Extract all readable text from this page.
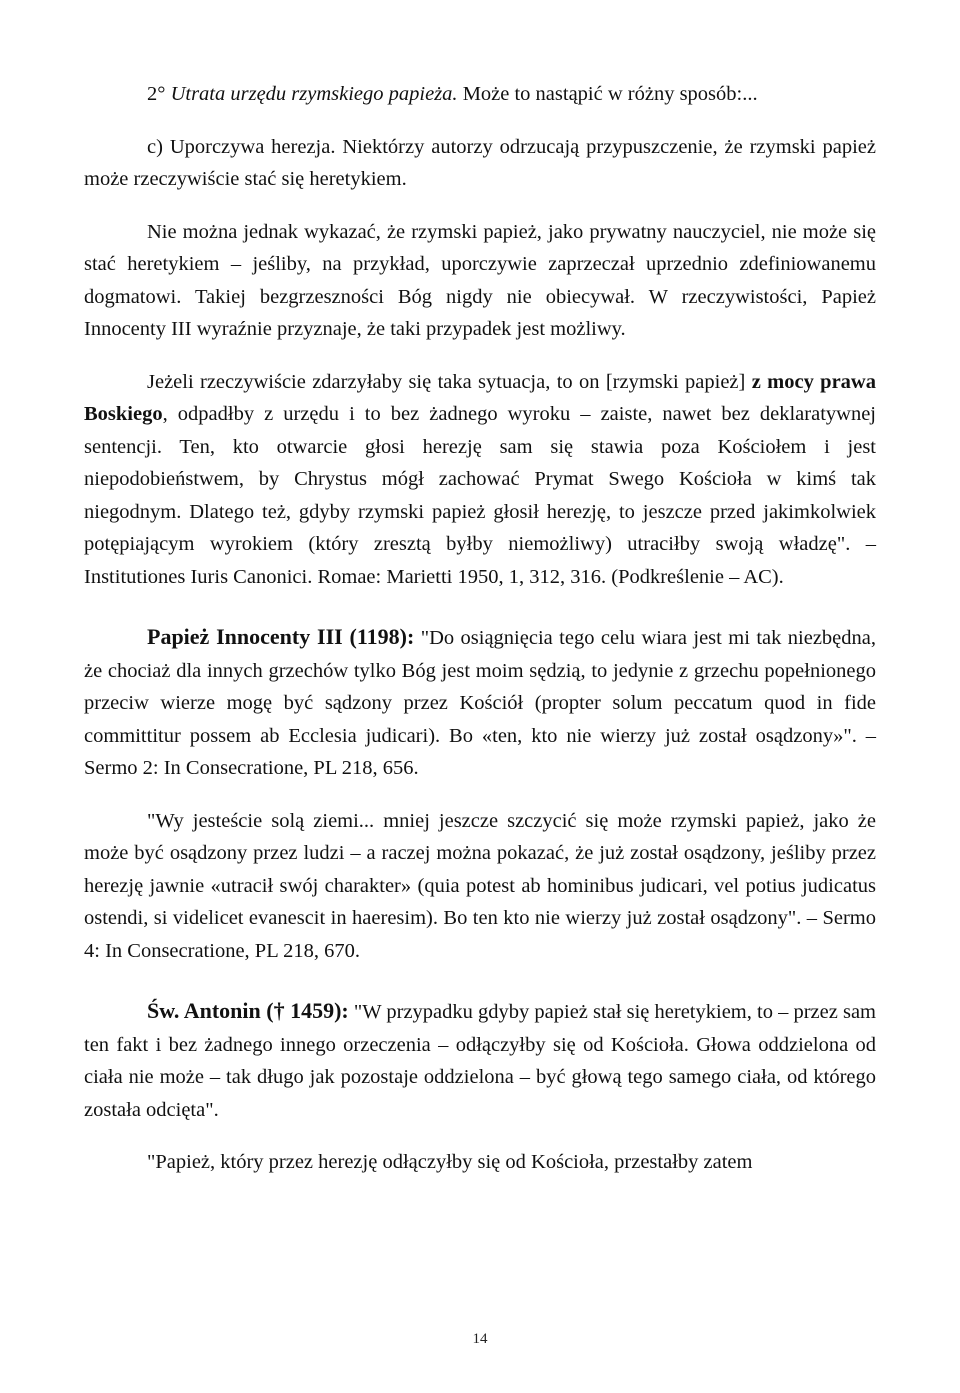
2° Utrata urzędu rzymskiego papieża. Może to nastąpić w różny sposób:...

c) Uporczywa herezja. Niektórzy autorzy odrzucają przypuszczenie, że rzymski papież może rzeczywiście stać się heretykiem.

Nie można jednak wykazać, że rzymski papież, jako prywatny nauczyciel, nie może się stać heretykiem – jeśliby, na przykład, uporczywie zaprzeczał uprzednio zdefiniowanemu dogmatowi. Takiej bezgrzeszności Bóg nigdy nie obiecywał. W rzeczywistości, Papież Innocenty III wyraźnie przyznaje, że taki przypadek jest możliwy.

Jeżeli rzeczywiście zdarzyłaby się taka sytuacja, to on [rzymski papież] z mocy prawa Boskiego, odpadłby z urzędu i to bez żadnego wyroku – zaiste, nawet bez deklaratywnej sentencji. Ten, kto otwarcie głosi herezję sam się stawia poza Kościołem i jest niepodobieństwem, by Chrystus mógł zachować Prymat Swego Kościoła w kimś tak niegodnym. Dlatego też, gdyby rzymski papież głosił herezję, to jeszcze przed jakimkolwiek potępiającym wyrokiem (który zresztą byłby niemożliwy) utraciłby swoją władzę". – Institutiones Iuris Canonici. Romae: Marietti 1950, 1, 312, 316. (Podkreślenie – AC).

Papież Innocenty III (1198): "Do osiągnięcia tego celu wiara jest mi tak niezbędna, że chociaż dla innych grzechów tylko Bóg jest moim sędzią, to jedynie z grzechu popełnionego przeciw wierze mogę być sądzony przez Kościół (propter solum peccatum quod in fide committitur possem ab Ecclesia judicari). Bo «ten, kto nie wierzy już został osądzony»". – Sermo 2: In Consecratione, PL 218, 656.

"Wy jesteście solą ziemi... mniej jeszcze szczycić się może rzymski papież, jako że może być osądzony przez ludzi – a raczej można pokazać, że już został osądzony, jeśliby przez herezję jawnie «utracił swój charakter» (quia potest ab hominibus judicari, vel potius judicatus ostendi, si videlicet evanescit in haeresim). Bo ten kto nie wierzy już został osądzony". – Sermo 4: In Consecratione, PL 218, 670.

Św. Antonin († 1459): "W przypadku gdyby papież stał się heretykiem, to – przez sam ten fakt i bez żadnego innego orzeczenia – odłączyłby się od Kościoła. Głowa oddzielona od ciała nie może – tak długo jak pozostaje oddzielona – być głową tego samego ciała, od którego została odcięta".

"Papież, który przez herezję odłączyłby się od Kościoła, przestałby zatem

14
